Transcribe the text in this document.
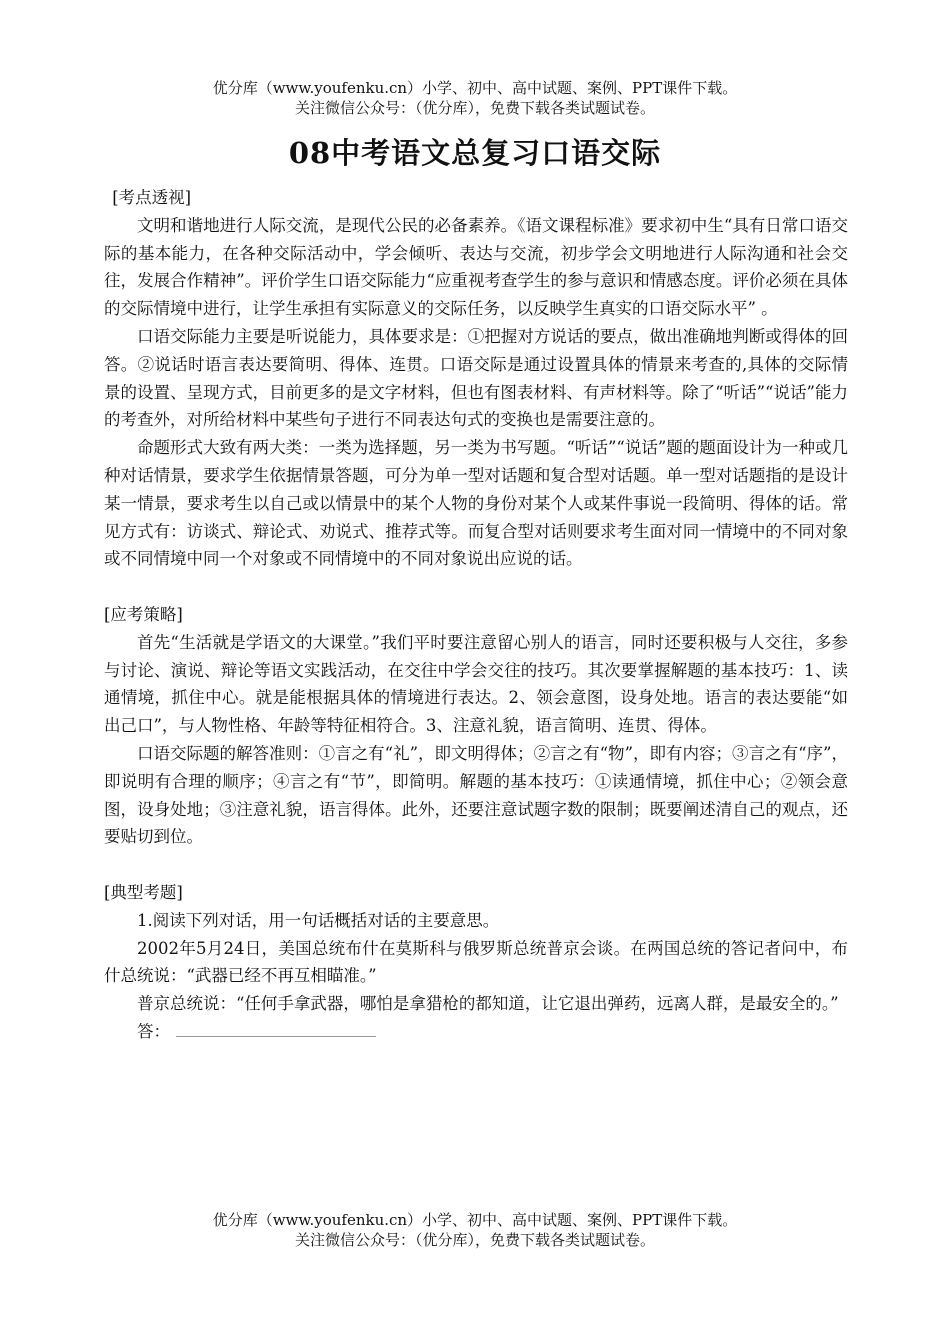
优分库（www.youfenku.cn）小学、初中、高中试题、案例、PPT课件下载。
关注微信公众号：（优分库），免费下载各类试题试卷。
08中考语文总复习口语交际
[考点透视]

文明和谐地进行人际交流，是现代公民的必备素养。《语文课程标准》要求初中生“具有日常口语交际的基本能力，在各种交际活动中，学会倾听、表达与交流，初步学会文明地进行人际沟通和社会交往，发展合作精神”。评价学生口语交际能力“应重视考查学生的参与意识和情感态度。评价必须在具体的交际情境中进行，让学生承担有实际意义的交际任务，以反映学生真实的口语交际水平” 。

口语交际能力主要是听说能力，具体要求是：①把握对方说话的要点，做出准确地判断或得体的回答。②说话时语言表达要简明、得体、连贯。口语交际是通过设置具体的情景来考查的,具体的交际情景的设置、呈现方式，目前更多的是文字材料，但也有图表材料、有声材料等。除了“听话”“说话”能力的考查外，对所给材料中某些句子进行不同表达句式的变换也是需要注意的。

命题形式大致有两大类：一类为选择题，另一类为书写题。“听话”“说话”题的题面设计为一种或几种对话情景，要求学生依据情景答题，可分为单一型对话题和复合型对话题。单一型对话题指的是设计某一情景，要求考生以自己或以情景中的某个人物的身份对某个人或某件事说一段简明、得体的话。常见方式有：访谈式、辩论式、劝说式、推荐式等。而复合型对话则要求考生面对同一情境中的不同对象或不同情境中同一个对象或不同情境中的不同对象说出应说的话。

[应考策略]

首先“生活就是学语文的大课堂。”我们平时要注意留心别人的语言，同时还要积极与人交往，多参与讨论、演说、辩论等语文实践活动，在交往中学会交往的技巧。其次要掌握解题的基本技巧：1、读通情境，抓住中心。就是能根据具体的情境进行表达。2、领会意图，设身处地。语言的表达要能“如出己口”，与人物性格、年龄等特征相符合。3、注意礼貌，语言简明、连贯、得体。

口语交际题的解答准则：①言之有“礼”，即文明得体；②言之有“物”，即有内容；③言之有“序”，即说明有合理的顺序；④言之有“节”，即简明。解题的基本技巧：①读通情境，抓住中心；②领会意图，设身处地；③注意礼貌，语言得体。此外，还要注意试题字数的限制；既要阐述清自己的观点，还要贴切到位。

[典型考题]

1.阅读下列对话，用一句话概括对话的主要意思。

2002年5月24日，美国总统布什在莫斯科与俄罗斯总统普京会谈。在两国总统的答记者问中，布什总统说：“武器已经不再互相瞄准。”

普京总统说：“任何手拿武器，哪怕是拿猎枪的都知道，让它退出弹药，远离人群，是最安全的。”

答：

优分库（www.youfenku.cn）小学、初中、高中试题、案例、PPT课件下载。
关注微信公众号：（优分库），免费下载各类试题试卷。
